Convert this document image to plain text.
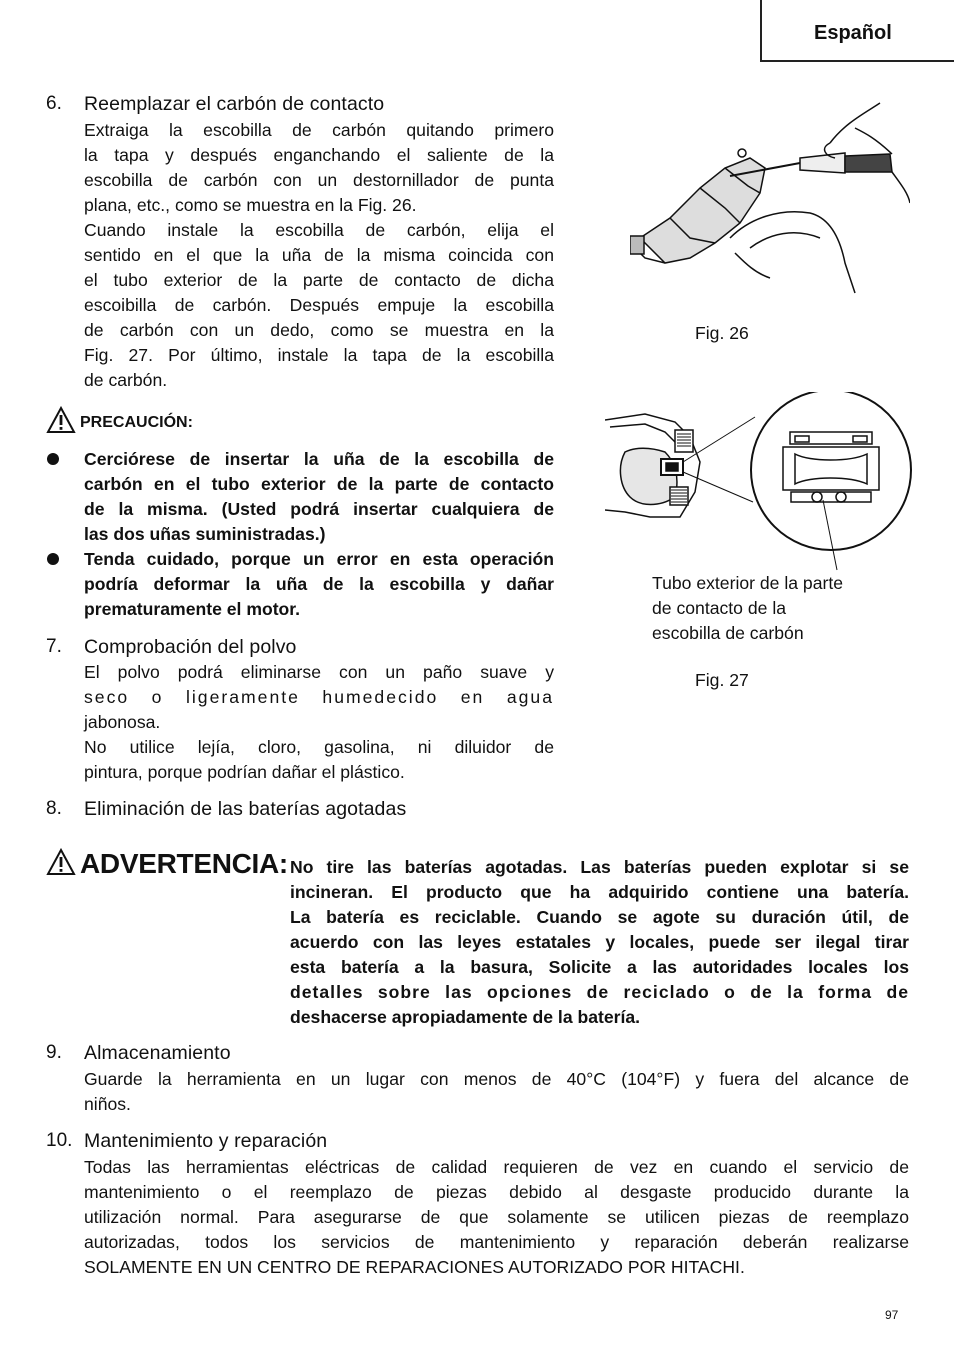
Español
6. Reemplazar el carbón de contacto
Extraiga la escobilla de carbón quitando primero
la tapa y después enganchando el saliente de la
escobilla de carbón con un destornillador de punta
plana, etc., como se muestra en la Fig. 26.
Cuando instale la escobilla de carbón, elija el
sentido en el que la uña de la misma coincida con
el tubo exterior de la parte de contacto de dicha
escoibilla de carbón. Después empuje la escobilla
de carbón con un dedo, como se muestra en la
Fig. 27. Por último, instale la tapa de la escobilla
de carbón.
PRECAUCIÓN:
Cerciórese de insertar la uña de la escobilla de
carbón en el tubo exterior de la parte de contacto
de la misma. (Usted podrá insertar cualquiera de
las dos uñas suministradas.)
Tenda cuidado, porque un error en esta operación
podría deformar la uña de la escobilla y dañar
prematuramente el motor.
7. Comprobación del polvo
El polvo podrá eliminarse con un paño suave y
seco o ligeramente humedecido en agua
jabonosa.
No utilice lejía, cloro, gasolina, ni diluidor de
pintura, porque podrían dañar el plástico.
8. Eliminación de las baterías agotadas
ADVERTENCIA: No tire las baterías agotadas. Las baterías pueden explotar si se
incineran. El producto que ha adquirido contiene una batería.
La batería es reciclable. Cuando se agote su duración útil, de
acuerdo con las leyes estatales y locales, puede ser ilegal tirar
esta batería a la basura, Solicite a las autoridades locales los
detalles sobre las opciones de reciclado o de la forma de
deshacerse apropiadamente de la batería.
9. Almacenamiento
Guarde la herramienta en un lugar con menos de 40°C (104°F) y fuera del alcance de
niños.
10. Mantenimiento y reparación
Todas las herramientas eléctricas de calidad requieren de vez en cuando el servicio de
mantenimiento o el reemplazo de piezas debido al desgaste producido durante la
utilización normal. Para asegurarse de que solamente se utilicen piezas de reemplazo
autorizadas, todos los servicios de mantenimiento y reparación deberán realizarse
SOLAMENTE EN UN CENTRO DE REPARACIONES AUTORIZADO POR HITACHI.
Fig. 26
Tubo exterior de la parte
de contacto de la
escobilla de carbón
Fig. 27
97
